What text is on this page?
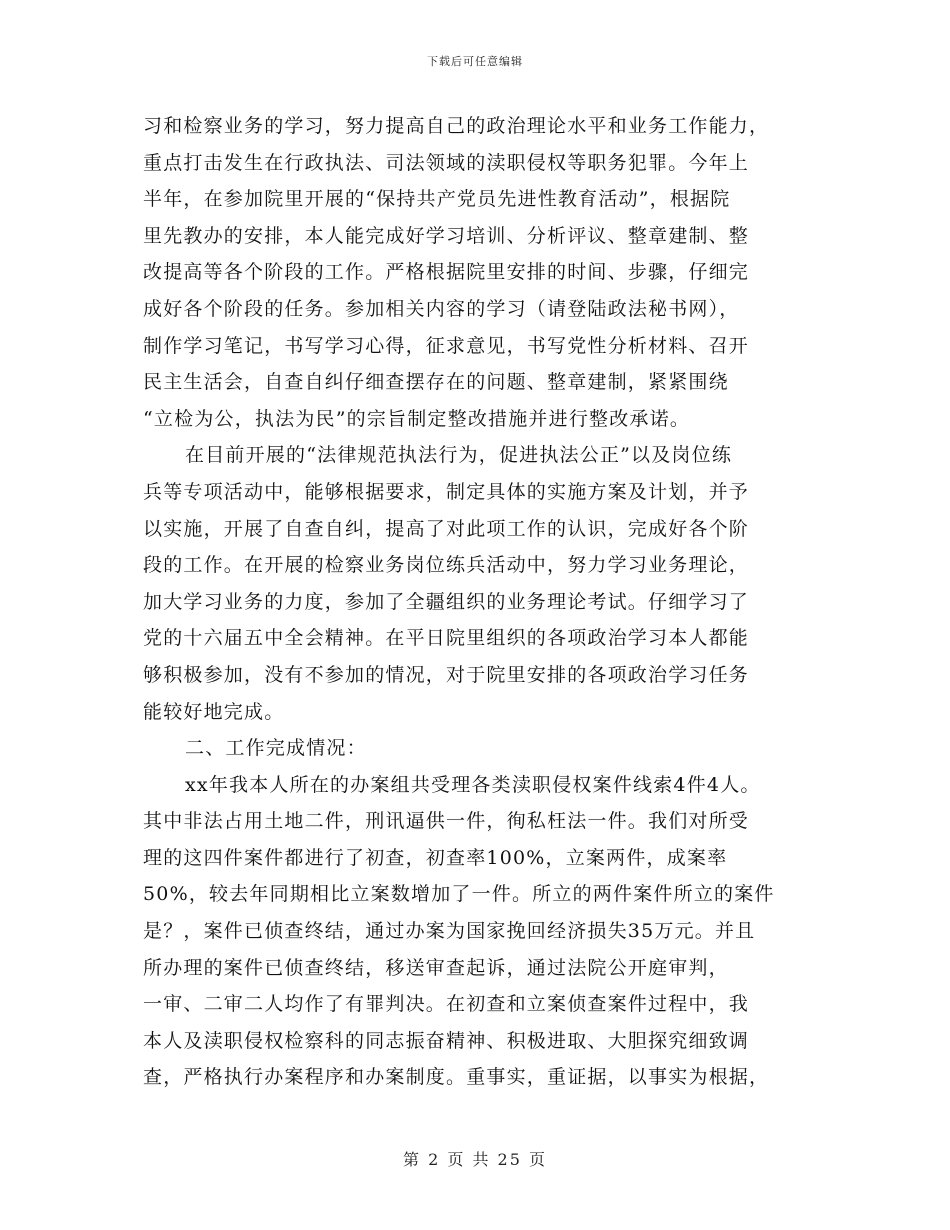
下载后可任意编辑
习和检察业务的学习，努力提高自己的政治理论水平和业务工作能力，
重点打击发生在行政执法、司法领域的渎职侵权等职务犯罪。今年上
半年，在参加院里开展的“保持共产党员先进性教育活动”，根据院
里先教办的安排，本人能完成好学习培训、分析评议、整章建制、整
改提高等各个阶段的工作。严格根据院里安排的时间、步骤，仔细完
成好各个阶段的任务。参加相关内容的学习（请登陆政法秘书网），
制作学习笔记，书写学习心得，征求意见，书写党性分析材料、召开
民主生活会，自查自纠仔细查摆存在的问题、整章建制，紧紧围绕
“立检为公，执法为民”的宗旨制定整改措施并进行整改承诺。
在目前开展的“法律规范执法行为，促进执法公正”以及岗位练
兵等专项活动中，能够根据要求，制定具体的实施方案及计划，并予
以实施，开展了自查自纠，提高了对此项工作的认识，完成好各个阶
段的工作。在开展的检察业务岗位练兵活动中，努力学习业务理论，
加大学习业务的力度，参加了全疆组织的业务理论考试。仔细学习了
党的十六届五中全会精神。在平日院里组织的各项政治学习本人都能
够积极参加，没有不参加的情况，对于院里安排的各项政治学习任务
能较好地完成。
二、工作完成情况：
xx年我本人所在的办案组共受理各类渎职侵权案件线索4件4人。
其中非法占用土地二件，刑讯逼供一件，徇私枉法一件。我们对所受
理的这四件案件都进行了初查，初查率100%，立案两件，成案率
50%，较去年同期相比立案数增加了一件。所立的两件案件所立的案件
是？，案件已侦查终结，通过办案为国家挽回经济损失35万元。并且
所办理的案件已侦查终结，移送审查起诉，通过法院公开庭审判，
一审、二审二人均作了有罪判决。在初查和立案侦查案件过程中，我
本人及渎职侵权检察科的同志振奋精神、积极进取、大胆探究细致调
查，严格执行办案程序和办案制度。重事实，重证据，以事实为根据，
第 2 页 共 25 页
